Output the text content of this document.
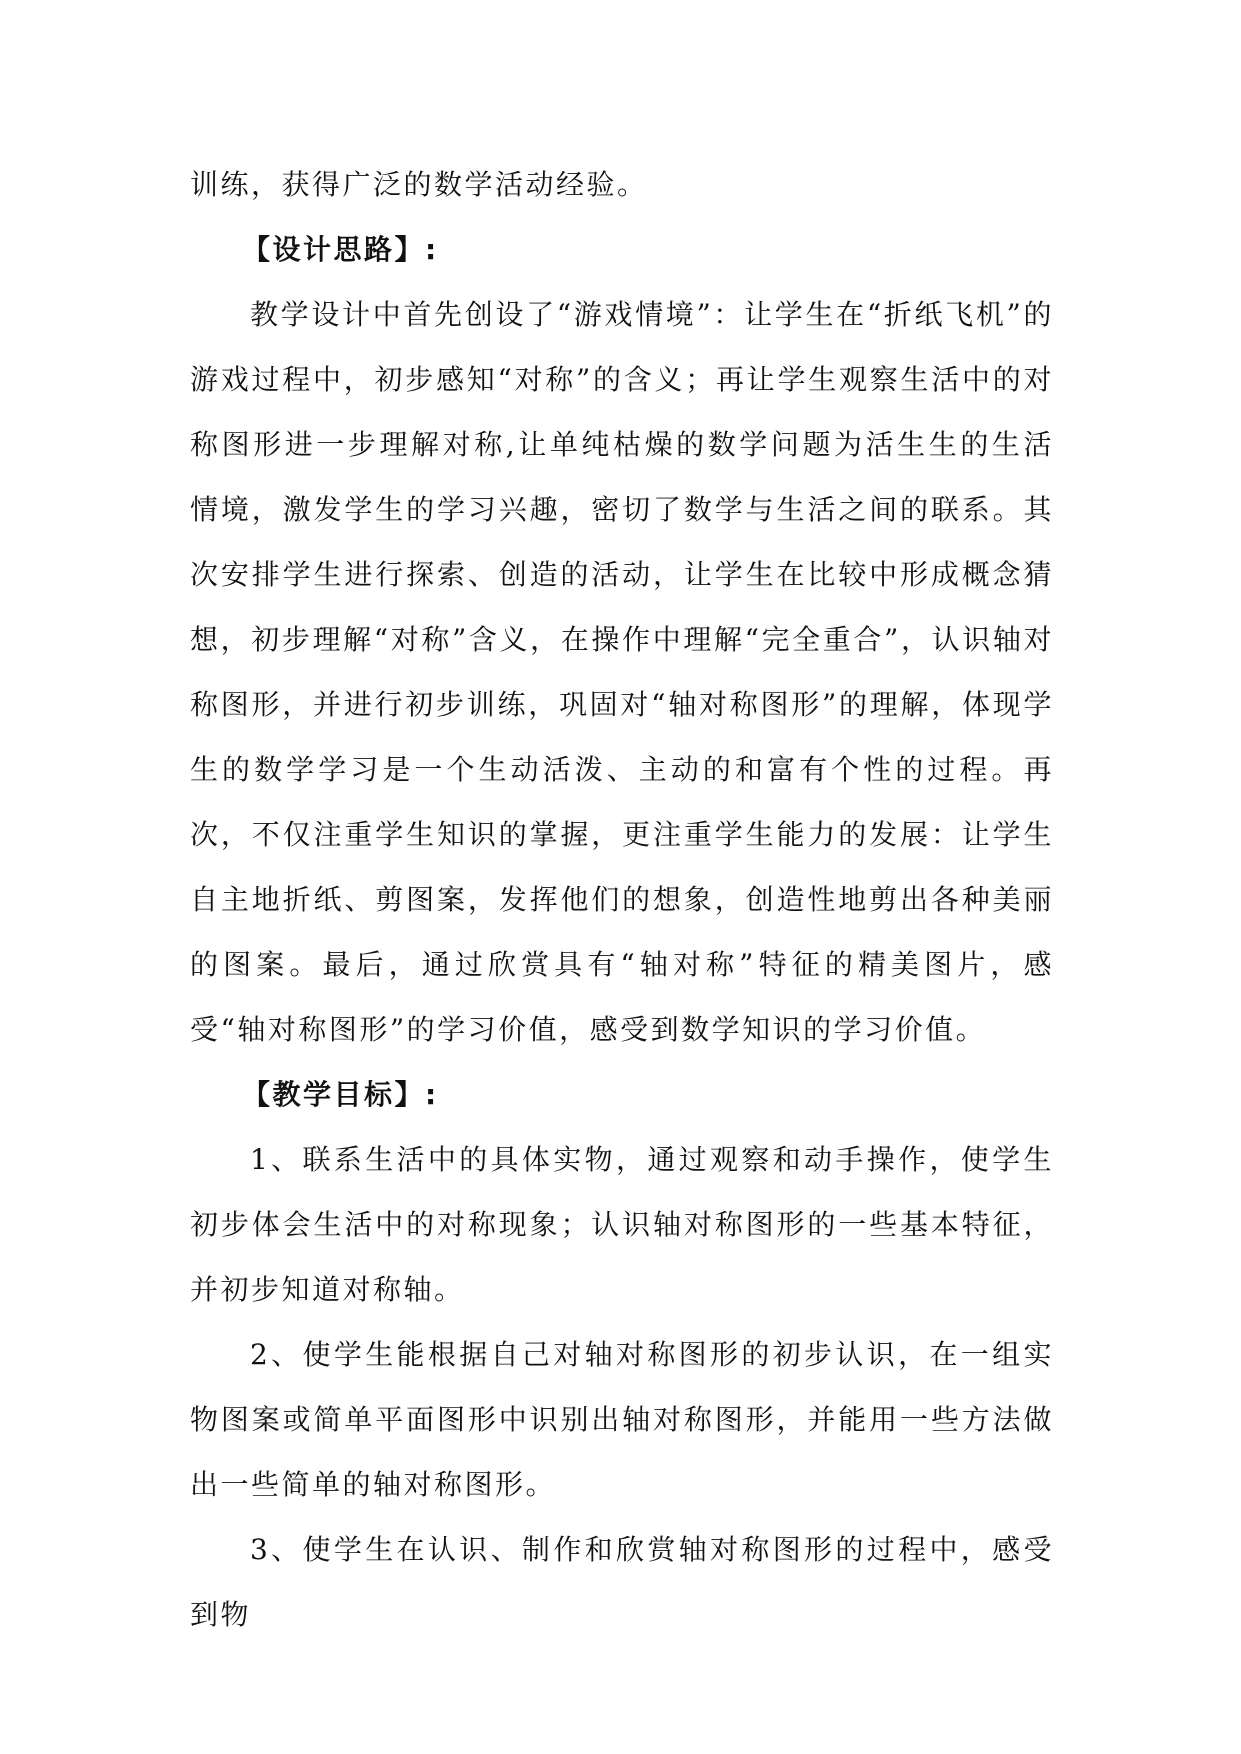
训练，获得广泛的数学活动经验。

【设计思路】:

教学设计中首先创设了“游戏情境”：让学生在“折纸飞机”的游戏过程中，初步感知“对称”的含义；再让学生观察生活中的对称图形进一步理解对称,让单纯枯燥的数学问题为活生生的生活情境，激发学生的学习兴趣，密切了数学与生活之间的联系。其次安排学生进行探索、创造的活动，让学生在比较中形成概念猜想，初步理解“对称”含义，在操作中理解“完全重合”，认识轴对称图形，并进行初步训练，巩固对“轴对称图形”的理解，体现学生的数学学习是一个生动活泼、主动的和富有个性的过程。再次，不仅注重学生知识的掌握，更注重学生能力的发展：让学生自主地折纸、剪图案，发挥他们的想象，创造性地剪出各种美丽的图案。最后，通过欣赏具有“轴对称”特征的精美图片，感受“轴对称图形”的学习价值，感受到数学知识的学习价值。

【教学目标】:

1、联系生活中的具体实物，通过观察和动手操作，使学生初步体会生活中的对称现象；认识轴对称图形的一些基本特征，并初步知道对称轴。

2、使学生能根据自己对轴对称图形的初步认识，在一组实物图案或简单平面图形中识别出轴对称图形，并能用一些方法做出一些简单的轴对称图形。

3、使学生在认识、制作和欣赏轴对称图形的过程中，感受到物
